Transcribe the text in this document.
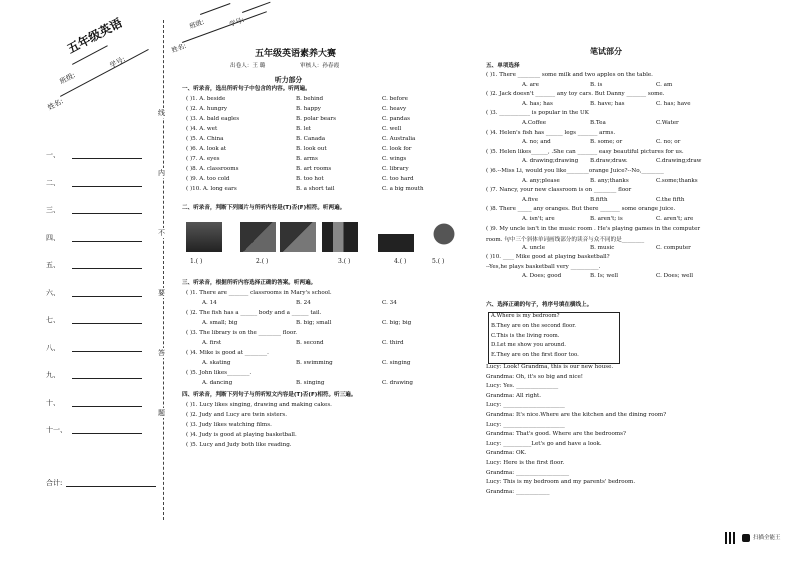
五年级英语
班级:
学号:
姓名:
一、
二、
三、
四、
五、
六、
七、
八、
九、
十、
十一、
合计:
线
内
不
要
答
题
班级:	学号:
姓名:	五年级英语素养大赛
出卷人：王 璐	审核人：孙春霞
听力部分
一、听录音，选出所听句子中包含的内容。听两遍。
( )1. A. beside	B. behind	C. before
( )2. A. hungry	B. happy	C. heavy
( )3. A. bald eagles	B. polar bears	C. pandas
( )4. A. wet	B. let	C. well
( )5. A. China	B. Canada	C. Australia
( )6. A. look at	B. look out	C. look for
( )7. A. eyes	B. arms	C. wings
( )8. A. classrooms	B. art rooms	C. library
( )9. A. too cold	B. too hot	C. too hard
( )10. A. long ears	B. a short tail	C. a big mouth
二、听录音，判断下列图片与所听内容是(T)否(F)相符。听两遍。
1.( )	2.( )	3.( )	4.( )	5.( )
三、听录音，根据所听内容选择正确的答案。听两遍。
( )1. There are _______ classrooms in Mary's school.
A. 14	B. 24	C. 34
( )2. The fish has a ______ body and a ______ tail.
A. small; big	B. big; small	C. big; big
( )3. The library is on the ________ floor.
A. first	B. second	C. third
( )4. Mike is good at ________.
A. skating	B. swimming	C. singing
( )5. John likes________.
A. dancing	B. singing	C. drawing
四、听录音，判断下列句子与所听短文内容是(T)否(F)相符。听三遍。
( )1. Lucy likes singing, drawing and making cakes.
( )2. Judy and Lucy are twin sisters.
( )3. Judy likes watching films.
( )4. Judy is good at playing basketball.
( )5. Lucy and Judy both like reading.
笔试部分
五、单项选择
( )1. There ________ some milk and two apples on the table.
A. are	B. is	C. am
( )2. Jack doesn't _______ any toy cars. But Danny _______ some.
A. has; has	B. have; has	C. has; have
( )3. ___________ is popular in the UK
A.Coffee	B.Tea	C.Water
( )4. Helen's fish has ______ legs _______ arms.
A. no; and	B. some; or	C. no; or
( )5. Helen likes______, .She can _______ easy beautiful pictures for us.
A. drawing;drawing B.draw;draw.	C.drawing;draw
( )6.--Miss Li, would you like________orange Juice?--No,________
A. any;please	B. any;thanks	C.some;thanks
( )7. Nancy, your new classroom is on ________ floor
A.five	B.fifth	C.the fifth
( )8. There _____ any oranges. But there _______ some orange juice.
A. isn't; are	B. aren't; is	C. aren't; are
( )9. My uncle isn't in the music room . He's playing games in the computer
room. 句中三个斜体单词画线部分的读音与众不同的是________
A. uncle	B. music	C. computer
( )10. ____ Mike good at playing basketball?
--Yes,he plays basketball very __________.
A. Does; good	B. Is; well	C. Does; well
六、选择正确的句子，将序号填在横线上。
A.Where is my bedroom?
B.They are on the second floor.
C.This is the living room.
D.Let me show you around.
E.They are on the first floor too.
Lucy: Look! Grandma, this is our new house.
Grandma: Oh, it's so big and nice!
Lucy: Yes. _______________
Grandma: All right.
Lucy: ______________________
Grandma: It's nice.Where are the kitchen and the dining room?
Lucy: ______________________
Grandma: That's good. Where are the bedrooms?
Lucy: __________Let's go and have a look.
Grandma: OK.
Lucy: Here is the first floor.
Grandma: ___________________
Lucy: This is my bedroom and my parents' bedroom.
Grandma: ____________
扫描全能王
